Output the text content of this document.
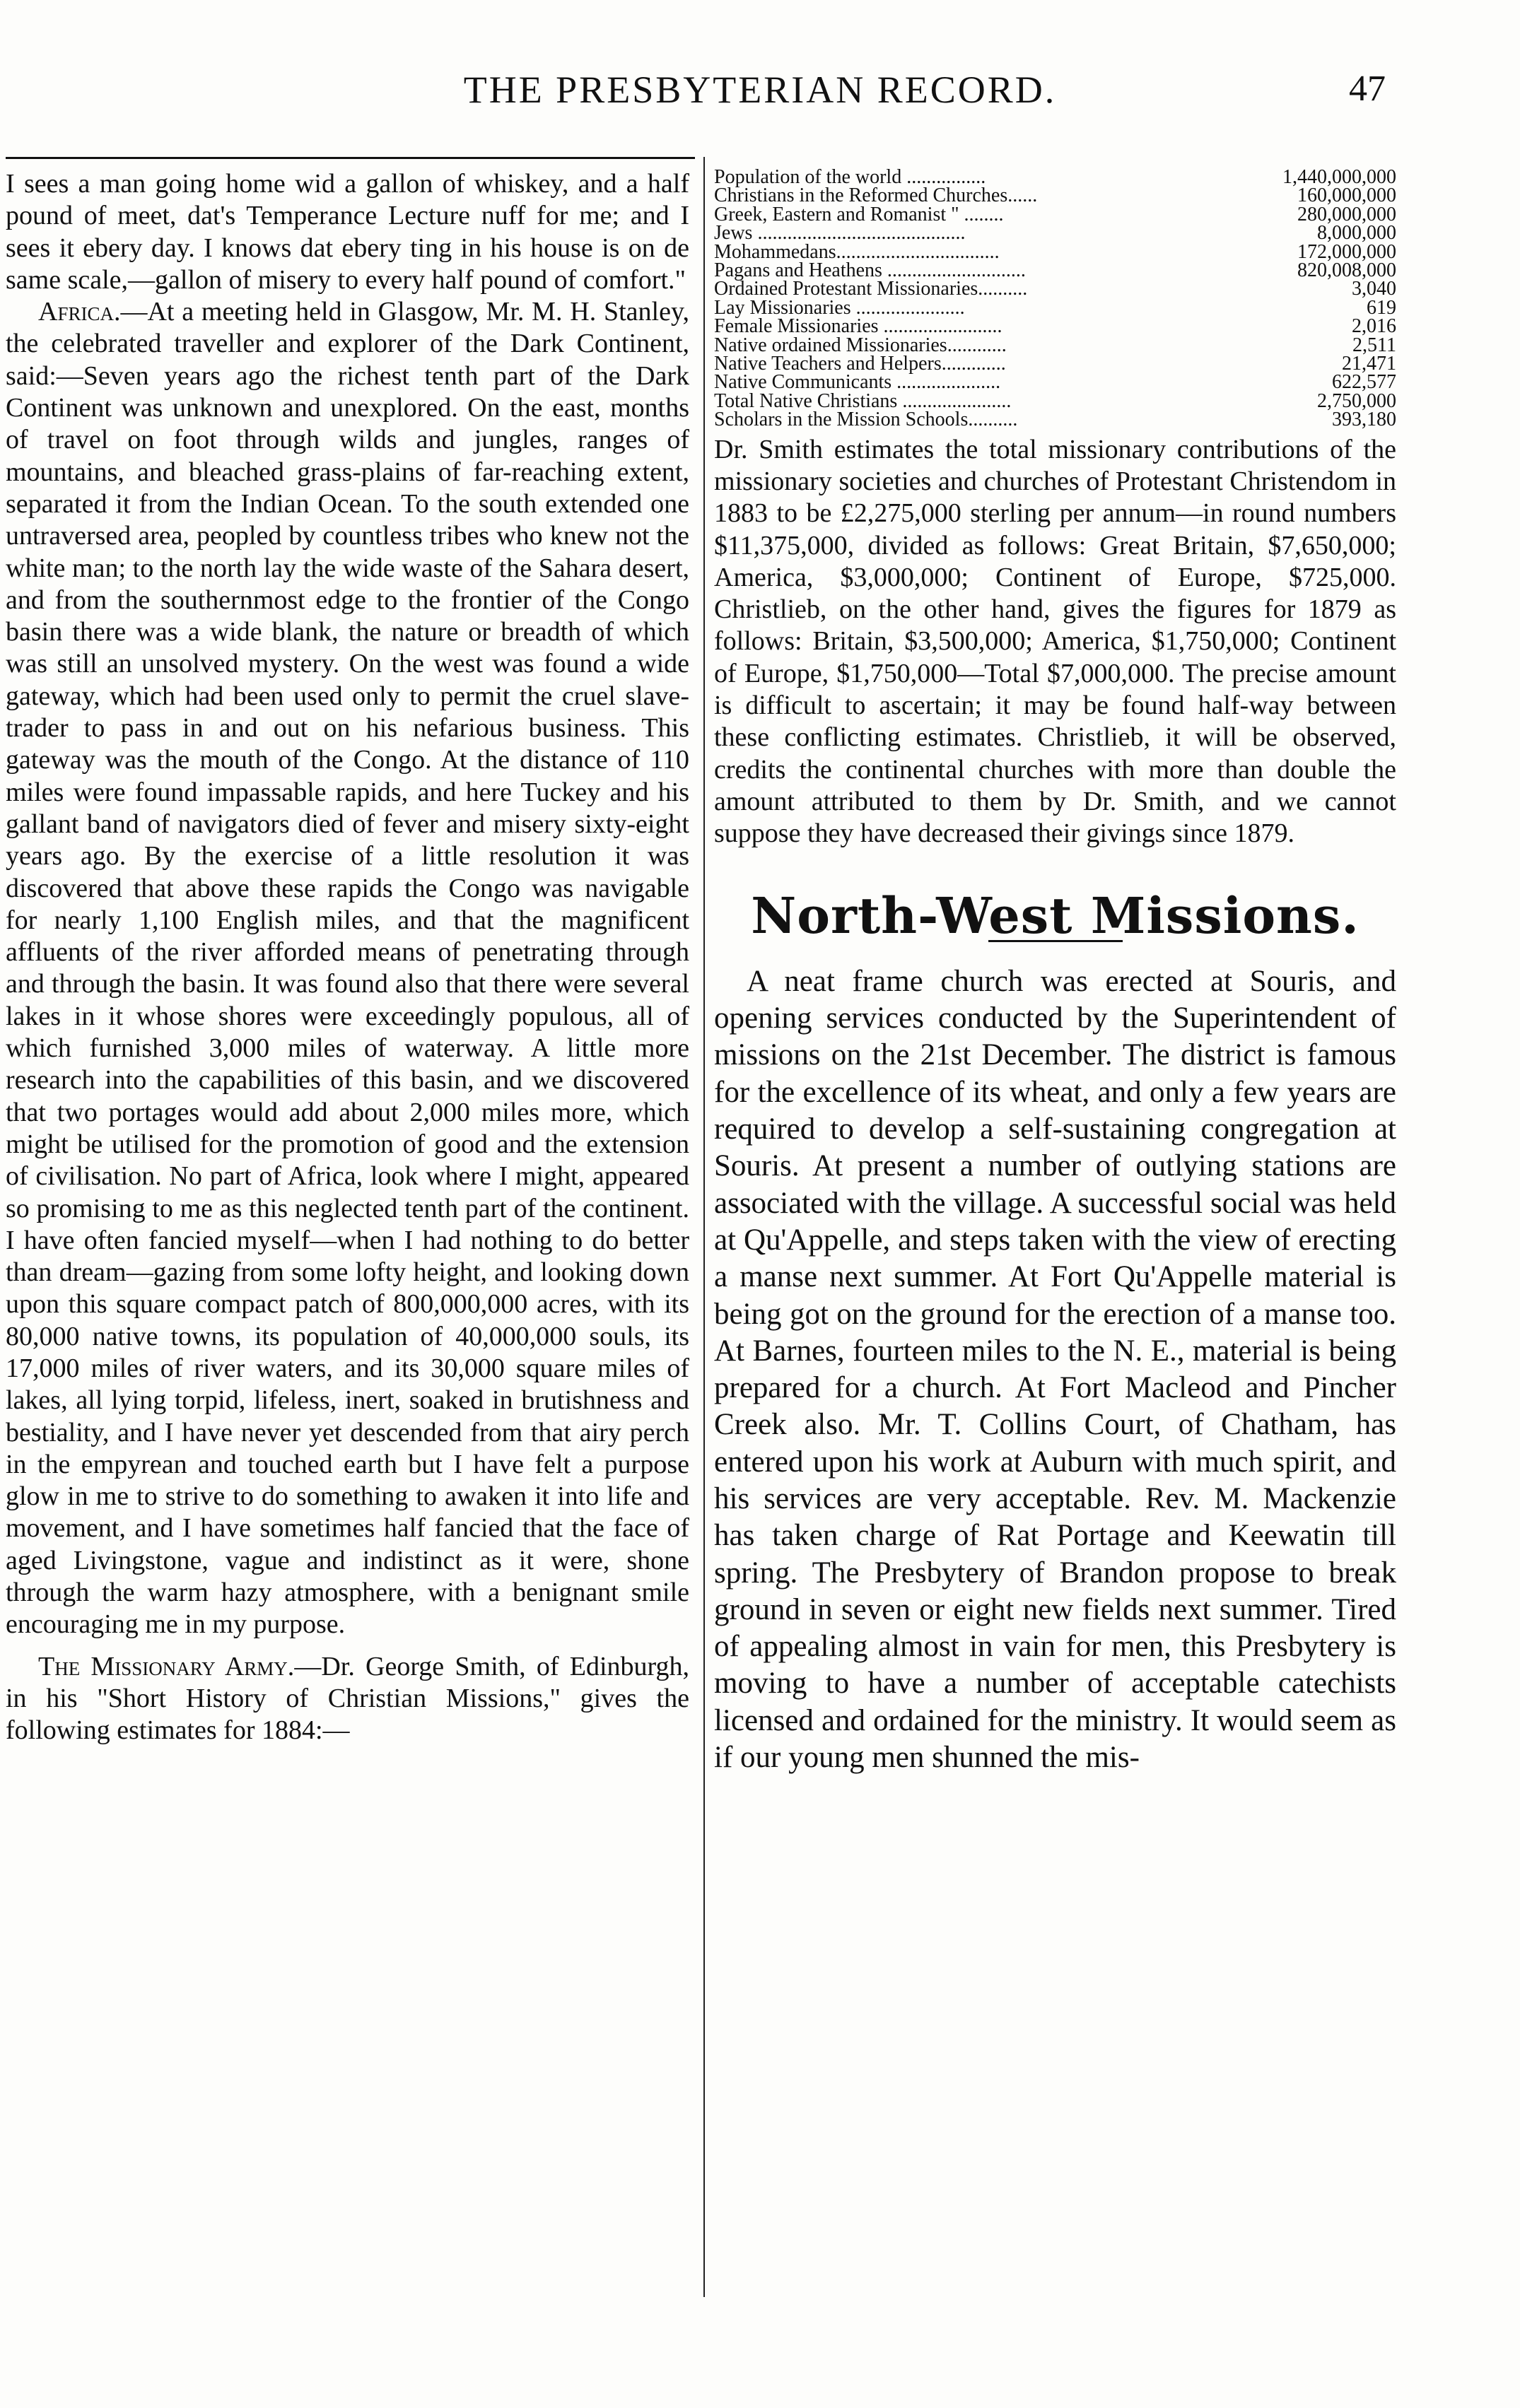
THE PRESBYTERIAN RECORD.	47

I sees a man going home wid a gallon of whiskey, and a half pound of meet, dat's Temperance Lecture nuff for me; and I sees it ebery day. I knows dat ebery ting in his house is on de same scale,—gallon of misery to every half pound of comfort."

Africa.—At a meeting held in Glasgow, Mr. M. H. Stanley, the celebrated traveller and explorer of the Dark Continent, said:—Seven years ago the richest tenth part of the Dark Continent was unknown and unexplored. On the east, months of travel on foot through wilds and jungles, ranges of mountains, and bleached grass-plains of far-reaching extent, separated it from the Indian Ocean. To the south extended one untraversed area, peopled by countless tribes who knew not the white man; to the north lay the wide waste of the Sahara desert, and from the southernmost edge to the frontier of the Congo basin there was a wide blank, the nature or breadth of which was still an unsolved mystery. On the west was found a wide gateway, which had been used only to permit the cruel slave-trader to pass in and out on his nefarious business. This gateway was the mouth of the Congo. At the distance of 110 miles were found impassable rapids, and here Tuckey and his gallant band of navigators died of fever and misery sixty-eight years ago. By the exercise of a little resolution it was discovered that above these rapids the Congo was navigable for nearly 1,100 English miles, and that the magnificent affluents of the river afforded means of penetrating through and through the basin. It was found also that there were several lakes in it whose shores were exceedingly populous, all of which furnished 3,000 miles of waterway. A little more research into the capabilities of this basin, and we discovered that two portages would add about 2,000 miles more, which might be utilised for the promotion of good and the extension of civilisation. No part of Africa, look where I might, appeared so promising to me as this neglected tenth part of the continent. I have often fancied myself—when I had nothing to do better than dream—gazing from some lofty height, and looking down upon this square compact patch of 800,000,000 acres, with its 80,000 native towns, its population of 40,000,000 souls, its 17,000 miles of river waters, and its 30,000 square miles of lakes, all lying torpid, lifeless, inert, soaked in brutishness and bestiality, and I have never yet descended from that airy perch in the empyrean and touched earth but I have felt a purpose glow in me to strive to do something to awaken it into life and movement, and I have sometimes half fancied that the face of aged Livingstone, vague and indistinct as it were, shone through the warm hazy atmosphere, with a benignant smile encouraging me in my purpose.

The Missionary Army.—Dr. George Smith, of Edinburgh, in his "Short History of Christian Missions," gives the following estimates for 1884:—

Population of the world ................	1,440,000,000
Christians in the Reformed Churches......	160,000,000
Greek, Eastern and Romanist " ........	280,000,000
Jews ..........................................	8,000,000
Mohammedans.................................	172,000,000
Pagans and Heathens ............................	820,008,000
Ordained Protestant Missionaries..........	3,040
Lay Missionaries ......................	619
Female Missionaries ........................	2,016
Native ordained Missionaries............	2,511
Native Teachers and Helpers.............	21,471
Native Communicants .....................	622,577
Total Native Christians ......................	2,750,000
Scholars in the Mission Schools..........	393,180

Dr. Smith estimates the total missionary contributions of the missionary societies and churches of Protestant Christendom in 1883 to be £2,275,000 sterling per annum—in round numbers $11,375,000, divided as follows: Great Britain, $7,650,000; America, $3,000,000; Continent of Europe, $725,000. Christlieb, on the other hand, gives the figures for 1879 as follows: Britain, $3,500,000; America, $1,750,000; Continent of Europe, $1,750,000—Total $7,000,000. The precise amount is difficult to ascertain; it may be found half-way between these conflicting estimates. Christlieb, it will be observed, credits the continental churches with more than double the amount attributed to them by Dr. Smith, and we cannot suppose they have decreased their givings since 1879.

North-West Missions.

A neat frame church was erected at Souris, and opening services conducted by the Superintendent of missions on the 21st December. The district is famous for the excellence of its wheat, and only a few years are required to develop a self-sustaining congregation at Souris. At present a number of outlying stations are associated with the village. A successful social was held at Qu'Appelle, and steps taken with the view of erecting a manse next summer. At Fort Qu'Appelle material is being got on the ground for the erection of a manse too. At Barnes, fourteen miles to the N. E., material is being prepared for a church. At Fort Macleod and Pincher Creek also. Mr. T. Collins Court, of Chatham, has entered upon his work at Auburn with much spirit, and his services are very acceptable. Rev. M. Mackenzie has taken charge of Rat Portage and Keewatin till spring. The Presbytery of Brandon propose to break ground in seven or eight new fields next summer. Tired of appealing almost in vain for men, this Presbytery is moving to have a number of acceptable catechists licensed and ordained for the ministry. It would seem as if our young men shunned the mis-
